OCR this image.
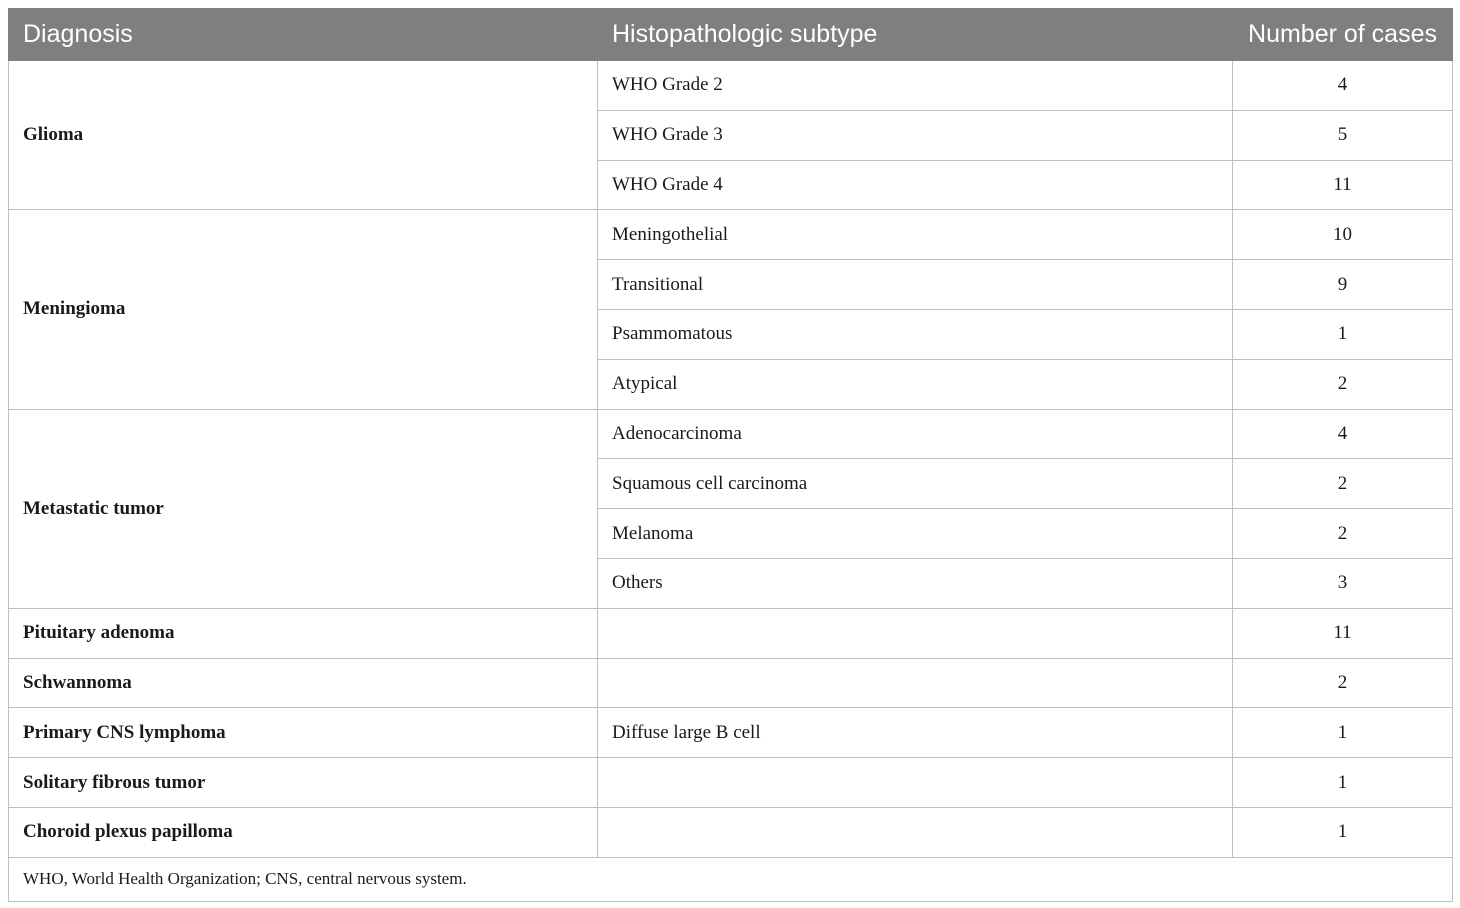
Diagnosis	Histopathologic subtype	Number of cases
Glioma	WHO Grade 2	4
	WHO Grade 3	5
	WHO Grade 4	11
Meningioma	Meningothelial	10
	Transitional	9
	Psammomatous	1
	Atypical	2
Metastatic tumor	Adenocarcinoma	4
	Squamous cell carcinoma	2
	Melanoma	2
	Others	3
Pituitary adenoma		11
Schwannoma		2
Primary CNS lymphoma	Diffuse large B cell	1
Solitary fibrous tumor		1
Choroid plexus papilloma		1
WHO, World Health Organization; CNS, central nervous system.		
